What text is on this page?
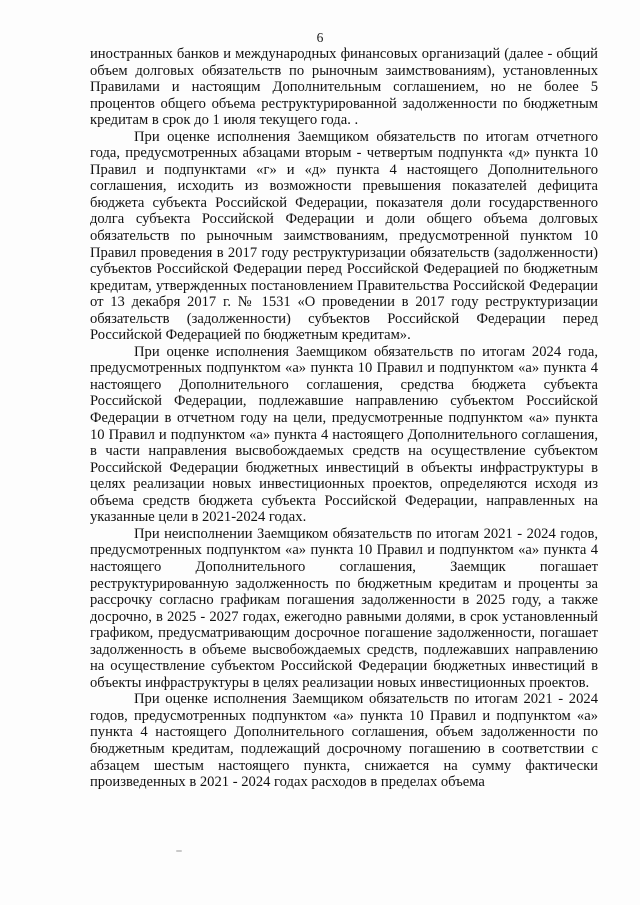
6

иностранных банков и международных финансовых организаций (далее - общий объем долговых обязательств по рыночным заимствованиям), установленных Правилами и настоящим Дополнительным соглашением, но не более 5 процентов общего объема реструктурированной задолженности по бюджетным кредитам в срок до 1 июля текущего года. .

При оценке исполнения Заемщиком обязательств по итогам отчетного года, предусмотренных абзацами вторым - четвертым подпункта «д» пункта 10 Правил и подпунктами «г» и «д» пункта 4 настоящего Дополнительного соглашения, исходить из возможности превышения показателей дефицита бюджета субъекта Российской Федерации, показателя доли государственного долга субъекта Российской Федерации и доли общего объема долговых обязательств по рыночным заимствованиям, предусмотренной пунктом 10 Правил проведения в 2017 году реструктуризации обязательств (задолженности) субъектов Российской Федерации перед Российской Федерацией по бюджетным кредитам, утвержденных постановлением Правительства Российской Федерации от 13 декабря 2017 г. № 1531 «О проведении в 2017 году реструктуризации обязательств (задолженности) субъектов Российской Федерации перед Российской Федерацией по бюджетным кредитам».

При оценке исполнения Заемщиком обязательств по итогам 2024 года, предусмотренных подпунктом «а» пункта 10 Правил и подпунктом «а» пункта 4 настоящего Дополнительного соглашения, средства бюджета субъекта Российской Федерации, подлежавшие направлению субъектом Российской Федерации в отчетном году на цели, предусмотренные подпунктом «а» пункта 10 Правил и подпунктом «а» пункта 4 настоящего Дополнительного соглашения, в части направления высвобождаемых средств на осуществление субъектом Российской Федерации бюджетных инвестиций в объекты инфраструктуры в целях реализации новых инвестиционных проектов, определяются исходя из объема средств бюджета субъекта Российской Федерации, направленных на указанные цели в 2021-2024 годах.

При неисполнении Заемщиком обязательств по итогам 2021 - 2024 годов, предусмотренных подпунктом «а» пункта 10 Правил и подпунктом «а» пункта 4 настоящего Дополнительного соглашения, Заемщик погашает реструктурированную задолженность по бюджетным кредитам и проценты за рассрочку согласно графикам погашения задолженности в 2025 году, а также досрочно, в 2025 - 2027 годах, ежегодно равными долями, в срок установленный графиком, предусматривающим досрочное погашение задолженности, погашает задолженность в объеме высвобождаемых средств, подлежавших направлению на осуществление субъектом Российской Федерации бюджетных инвестиций в объекты инфраструктуры в целях реализации новых инвестиционных проектов.

При оценке исполнения Заемщиком обязательств по итогам 2021 - 2024 годов, предусмотренных подпунктом «а» пункта 10 Правил и подпунктом «а» пункта 4 настоящего Дополнительного соглашения, объем задолженности по бюджетным кредитам, подлежащий досрочному погашению в соответствии с абзацем шестым настоящего пункта, снижается на сумму фактически произведенных в 2021 - 2024 годах расходов в пределах объема
